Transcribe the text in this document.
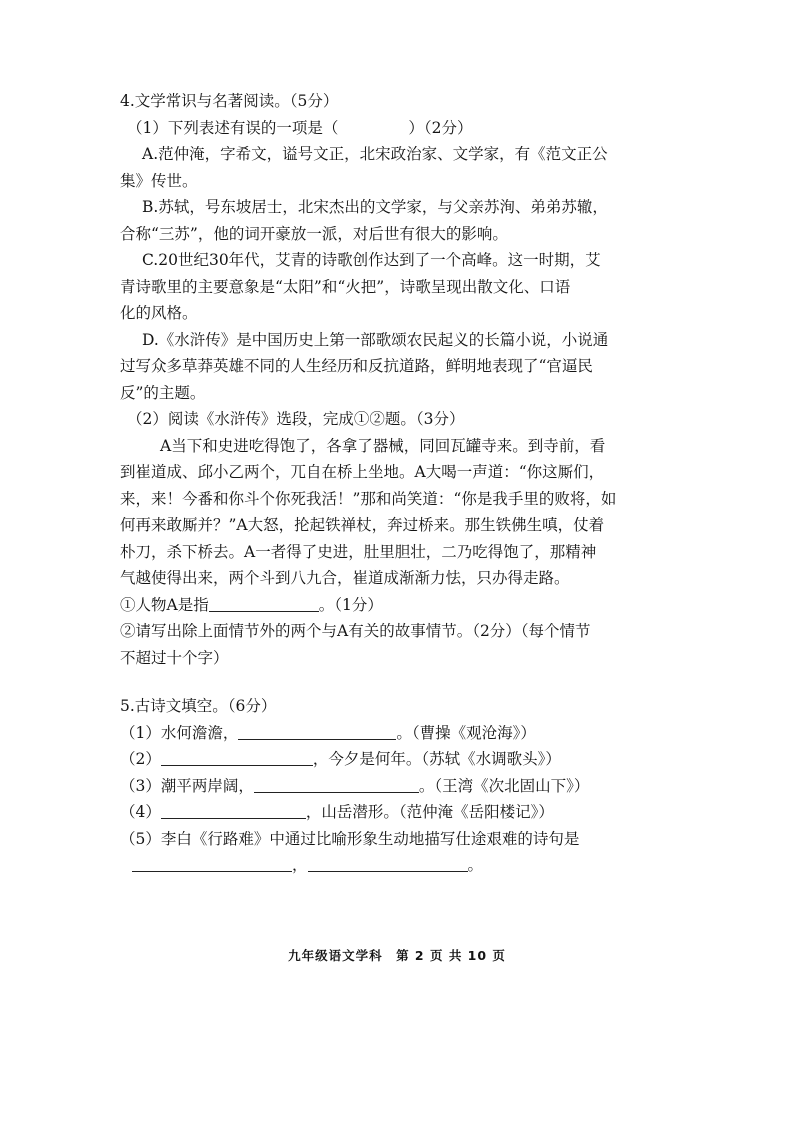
4.文学常识与名著阅读。（5分）
（1）下列表述有误的一项是（	）（2分）
A.范仲淹，字希文，谥号文正，北宋政治家、文学家，有《范文正公
集》传世。
B.苏轼，号东坡居士，北宋杰出的文学家，与父亲苏洵、弟弟苏辙，
合称“三苏”，他的词开豪放一派，对后世有很大的影响。
C.20世纪30年代，艾青的诗歌创作达到了一个高峰。这一时期，艾
青诗歌里的主要意象是“太阳”和“火把”，诗歌呈现出散文化、口语
化的风格。
D.《水浒传》是中国历史上第一部歌颂农民起义的长篇小说，小说通
过写众多草莽英雄不同的人生经历和反抗道路，鲜明地表现了“官逼民
反”的主题。
（2）阅读《水浒传》选段，完成①②题。（3分）
A当下和史进吃得饱了，各拿了器械，同回瓦罐寺来。到寺前，看
到崔道成、邱小乙两个，兀自在桥上坐地。A大喝一声道：“你这厮们，
来，来！今番和你斗个你死我活！”那和尚笑道：“你是我手里的败将，如
何再来敢厮并？”A大怒，抡起铁禅杖，奔过桥来。那生铁佛生嗔，仗着
朴刀，杀下桥去。A一者得了史进，肚里胆壮，二乃吃得饱了，那精神
气越使得出来，两个斗到八九合，崔道成渐渐力怯，只办得走路。
①人物A是指	。（1分）
②请写出除上面情节外的两个与A有关的故事情节。（2分）（每个情节
不超过十个字）
5.古诗文填空。（6分）
（1）水何澹澹，	。（曹操《观沧海》）
（2）	，今夕是何年。（苏轼《水调歌头》）
（3）潮平两岸阔，	。（王湾《次北固山下》）
（4）	，山岳潜形。（范仲淹《岳阳楼记》）
（5）李白《行路难》中通过比喻形象生动地描写仕途艰难的诗句是
，	。
九年级语文学科　第 2 页 共 10 页
